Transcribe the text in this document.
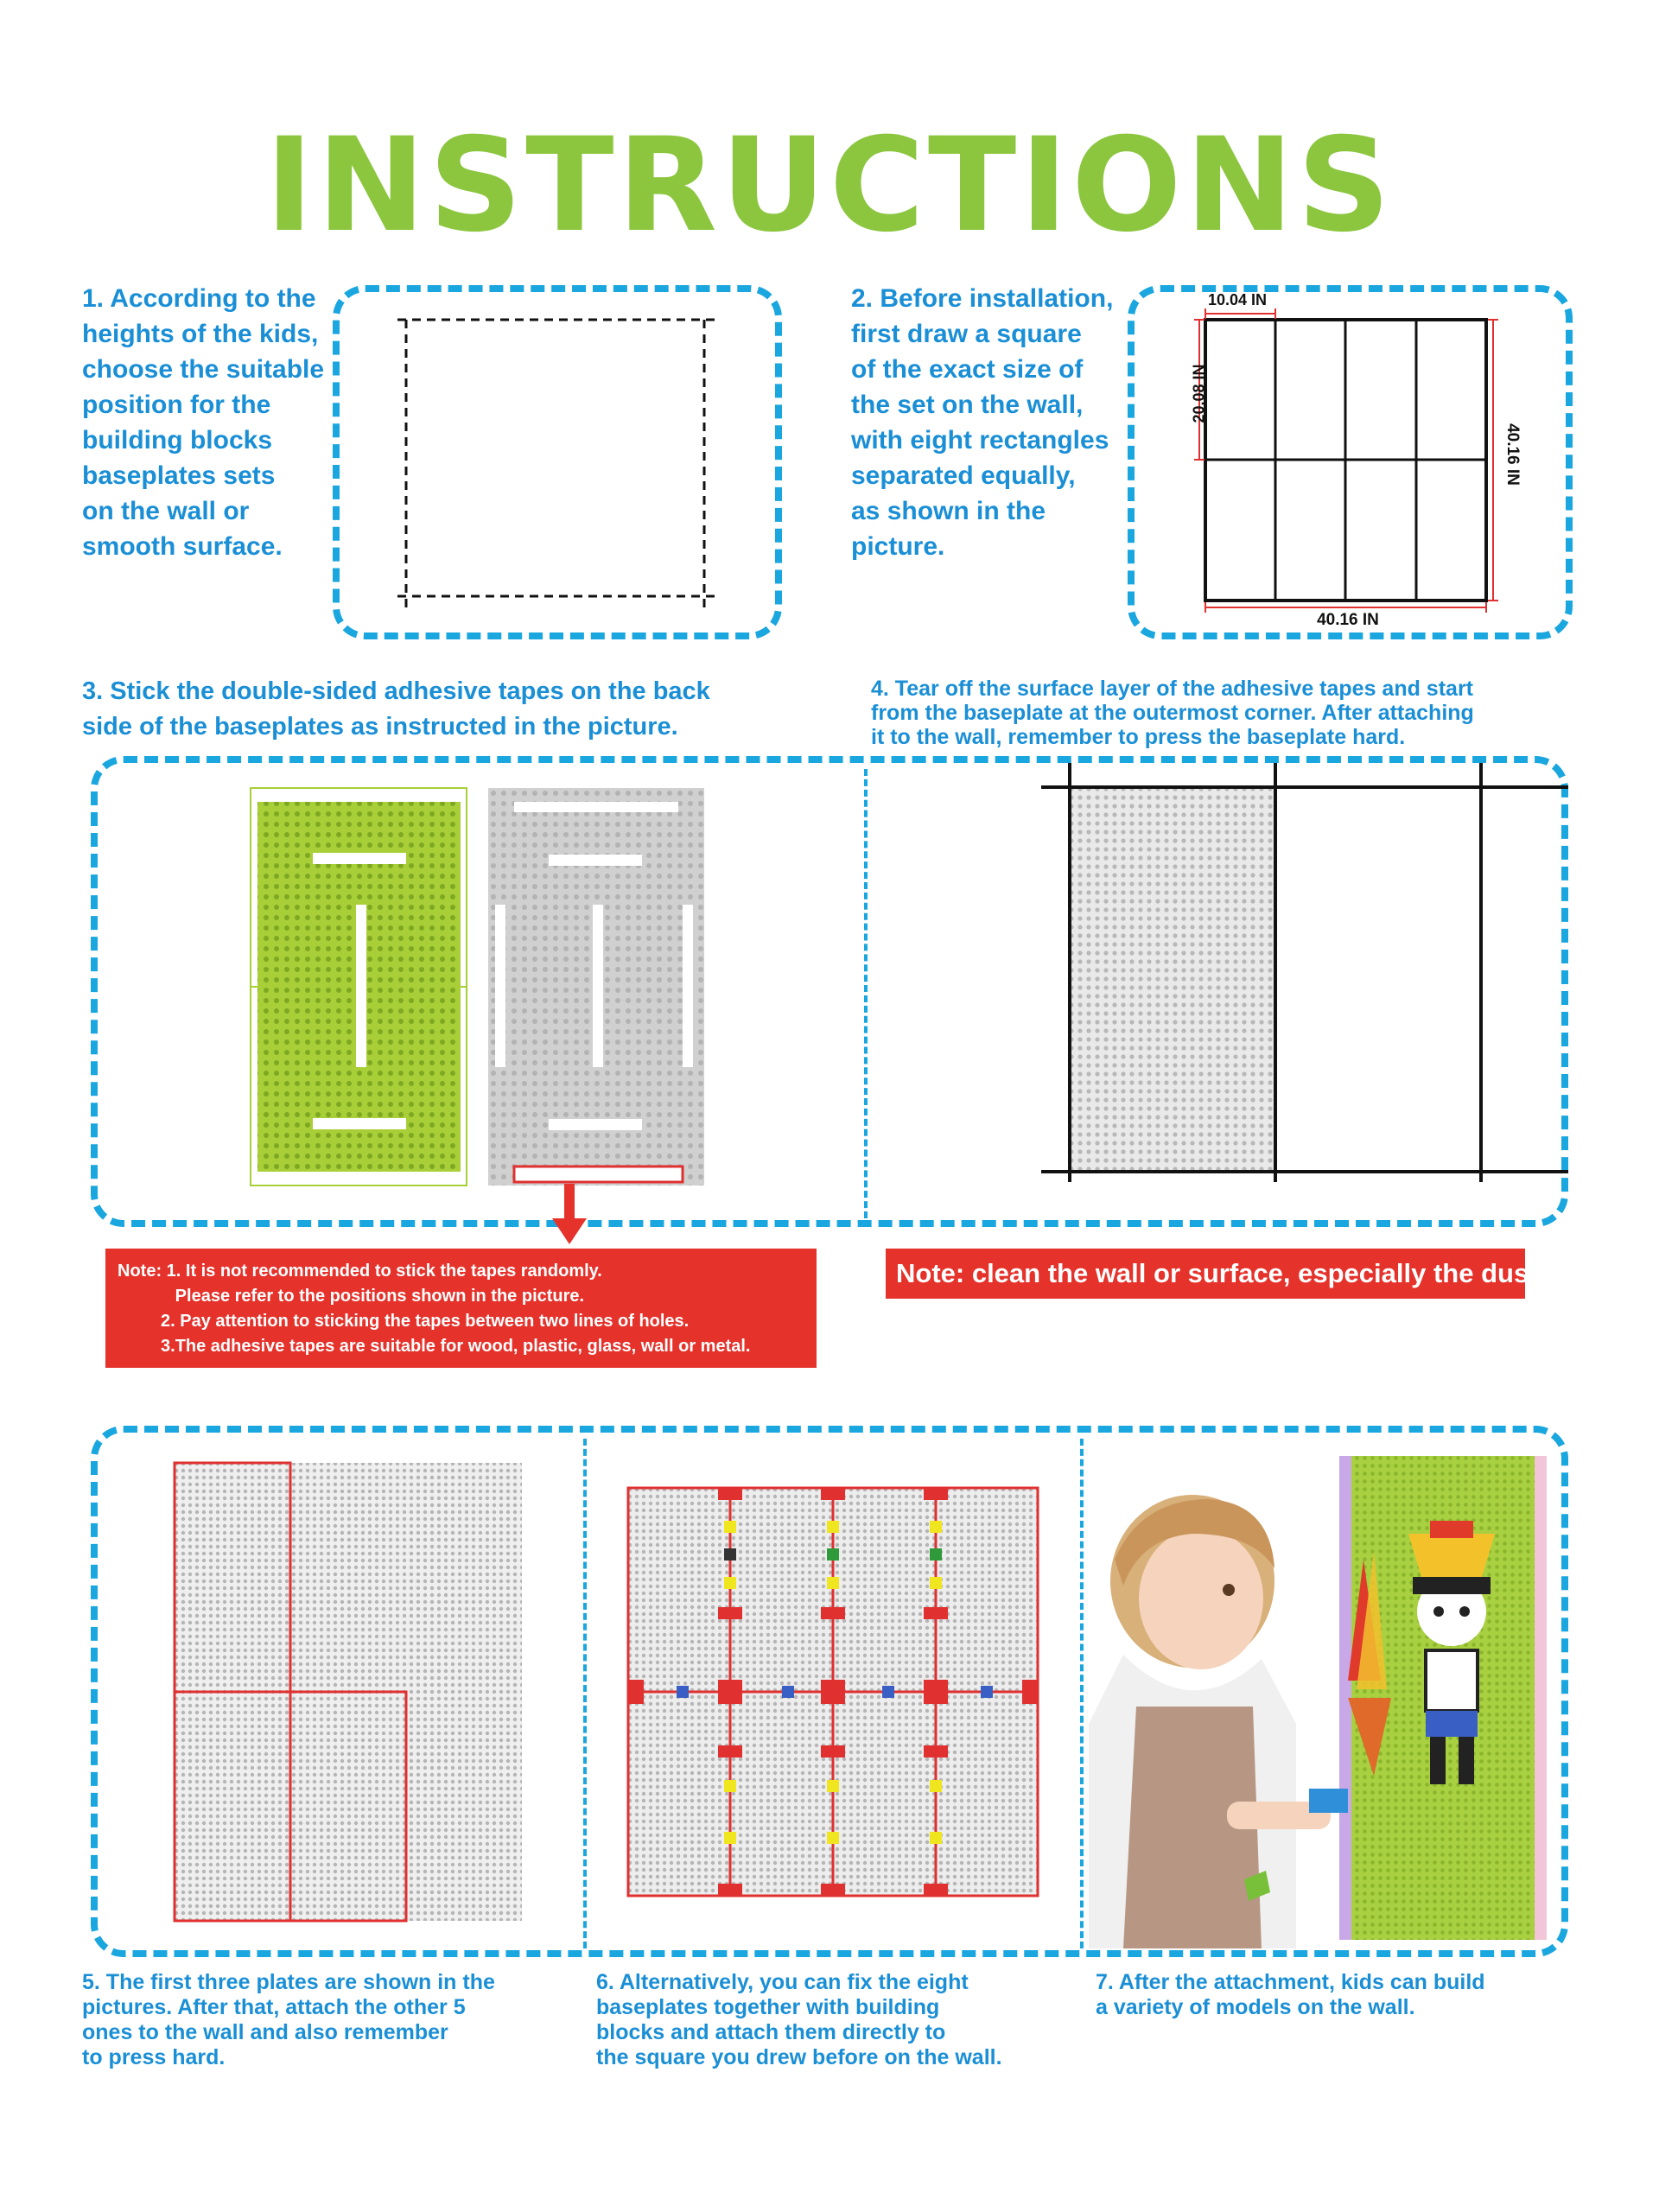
INSTRUCTIONS
1. According to the
heights of the kids,
choose the suitable
position for the
building blocks
baseplates sets
on the wall or
smooth surface.
2. Before installation,
first draw a square
of the exact size of
the set on the wall,
with eight rectangles
separated equally,
as shown in the
picture.
10.04 IN
20.08 IN
40.16 IN
40.16 IN
3. Stick the double-sided adhesive tapes on the back
side of the baseplates as instructed in the picture.
4. Tear off the surface layer of the adhesive tapes and start
from the baseplate at the outermost corner. After attaching
it to the wall, remember to press the baseplate hard.
Note: 1. It is not recommended to stick the tapes randomly.
Please refer to the positions shown in the picture.
2. Pay attention to sticking the tapes between two lines of holes.
3.The adhesive tapes are suitable for wood, plastic, glass, wall or metal.
Note: clean the wall or surface, especially the dust.
5. The first three plates are shown in the
pictures. After that, attach the other 5
ones to the wall and also remember
to press hard.
6. Alternatively, you can fix the eight
baseplates together with building
blocks and attach them directly to
the square you drew before on the wall.
7. After the attachment, kids can build
a variety of models on the wall.
